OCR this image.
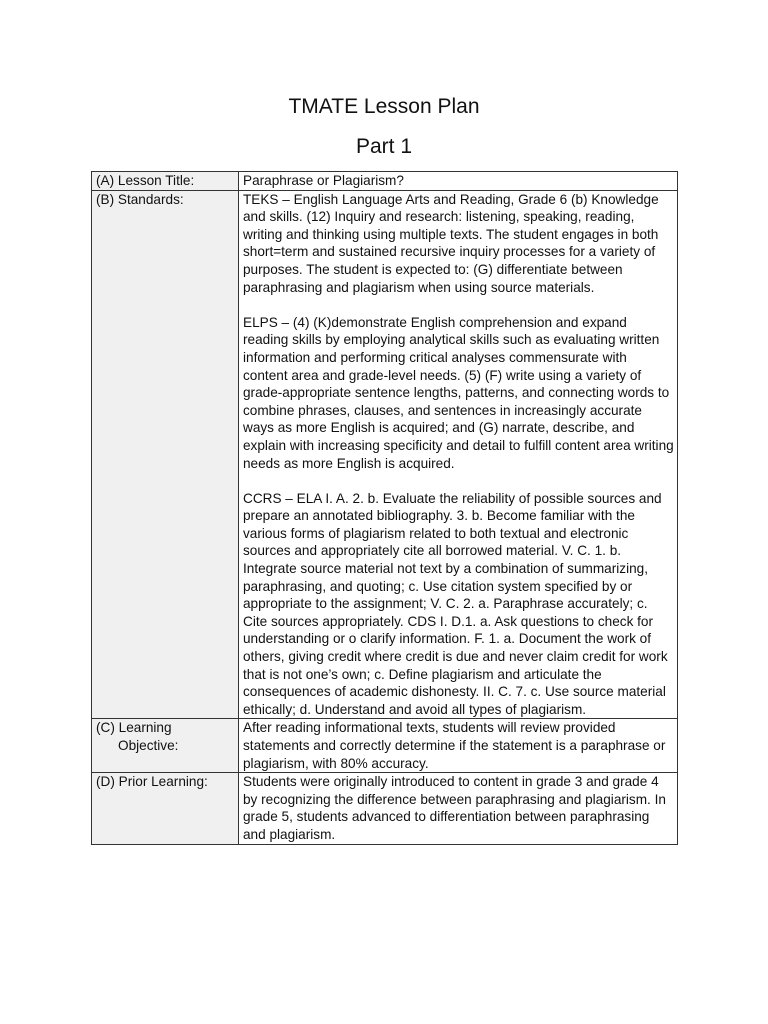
TMATE Lesson Plan
Part 1
(A) Lesson Title:	Paraphrase or Plagiarism?

(B) Standards:	TEKS – English Language Arts and Reading, Grade 6 (b) Knowledge and skills. (12) Inquiry and research: listening, speaking, reading, writing and thinking using multiple texts. The student engages in both short=term and sustained recursive inquiry processes for a variety of purposes. The student is expected to: (G) differentiate between paraphrasing and plagiarism when using source materials.
ELPS – (4) (K)demonstrate English comprehension and expand reading skills by employing analytical skills such as evaluating written information and performing critical analyses commensurate with content area and grade-level needs. (5) (F) write using a variety of grade-appropriate sentence lengths, patterns, and connecting words to combine phrases, clauses, and sentences in increasingly accurate ways as more English is acquired; and (G) narrate, describe, and explain with increasing specificity and detail to fulfill content area writing needs as more English is acquired.
CCRS – ELA I. A. 2. b. Evaluate the reliability of possible sources and prepare an annotated bibliography. 3. b. Become familiar with the various forms of plagiarism related to both textual and electronic sources and appropriately cite all borrowed material. V. C. 1. b. Integrate source material not text by a combination of summarizing, paraphrasing, and quoting; c. Use citation system specified by or appropriate to the assignment; V. C. 2. a. Paraphrase accurately; c. Cite sources appropriately. CDS I. D.1. a. Ask questions to check for understanding or o clarify information. F. 1. a. Document the work of others, giving credit where credit is due and never claim credit for work that is not one’s own; c. Define plagiarism and articulate the consequences of academic dishonesty. II. C. 7. c. Use source material ethically; d. Understand and avoid all types of plagiarism.

(C) Learning
Objective:	After reading informational texts, students will review provided statements and correctly determine if the statement is a paraphrase or plagiarism, with 80% accuracy.

(D) Prior Learning:	Students were originally introduced to content in grade 3 and grade 4 by recognizing the difference between paraphrasing and plagiarism. In grade 5, students advanced to differentiation between paraphrasing and plagiarism.
